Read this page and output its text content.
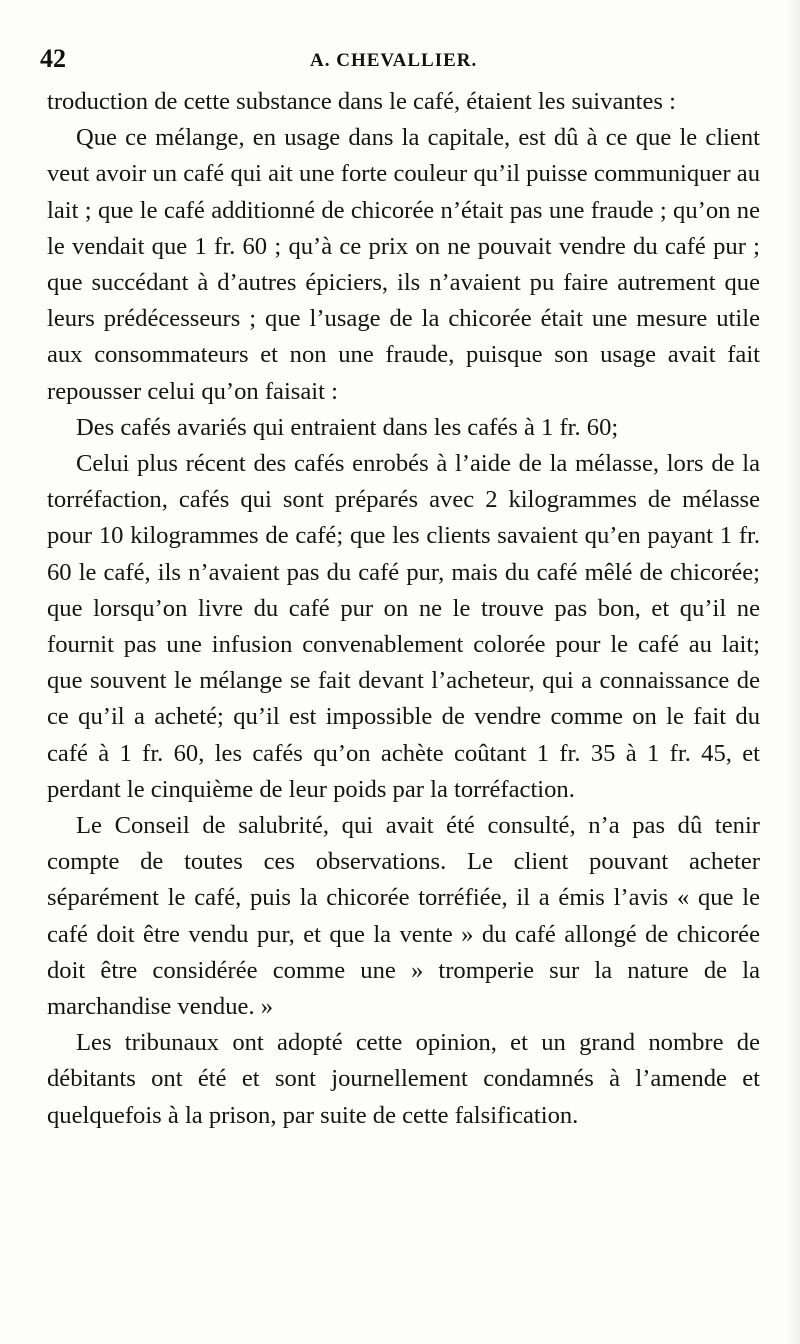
42	A. CHEVALLIER.

troduction de cette substance dans le café, étaient les suivantes :

Que ce mélange, en usage dans la capitale, est dû à ce que le client veut avoir un café qui ait une forte couleur qu’il puisse communiquer au lait ; que le café additionné de chicorée n’était pas une fraude ; qu’on ne le vendait que 1 fr. 60 ; qu’à ce prix on ne pouvait vendre du café pur ; que succédant à d’autres épiciers, ils n’avaient pu faire autrement que leurs prédécesseurs ; que l’usage de la chicorée était une mesure utile aux consommateurs et non une fraude, puisque son usage avait fait repousser celui qu’on faisait :

Des cafés avariés qui entraient dans les cafés à 1 fr. 60;

Celui plus récent des cafés enrobés à l’aide de la mélasse, lors de la torréfaction, cafés qui sont préparés avec 2 kilogrammes de mélasse pour 10 kilogrammes de café; que les clients savaient qu’en payant 1 fr. 60 le café, ils n’avaient pas du café pur, mais du café mêlé de chicorée; que lorsqu’on livre du café pur on ne le trouve pas bon, et qu’il ne fournit pas une infusion convenablement colorée pour le café au lait; que souvent le mélange se fait devant l’acheteur, qui a connaissance de ce qu’il a acheté; qu’il est impossible de vendre comme on le fait du café à 1 fr. 60, les cafés qu’on achète coûtant 1 fr. 35 à 1 fr. 45, et perdant le cinquième de leur poids par la torréfaction.

Le Conseil de salubrité, qui avait été consulté, n’a pas dû tenir compte de toutes ces observations. Le client pouvant acheter séparément le café, puis la chicorée torréfiée, il a émis l’avis « que le café doit être vendu pur, et que la vente » du café allongé de chicorée doit être considérée comme une » tromperie sur la nature de la marchandise vendue. »

Les tribunaux ont adopté cette opinion, et un grand nombre de débitants ont été et sont journellement condamnés à l’amende et quelquefois à la prison, par suite de cette falsification.
